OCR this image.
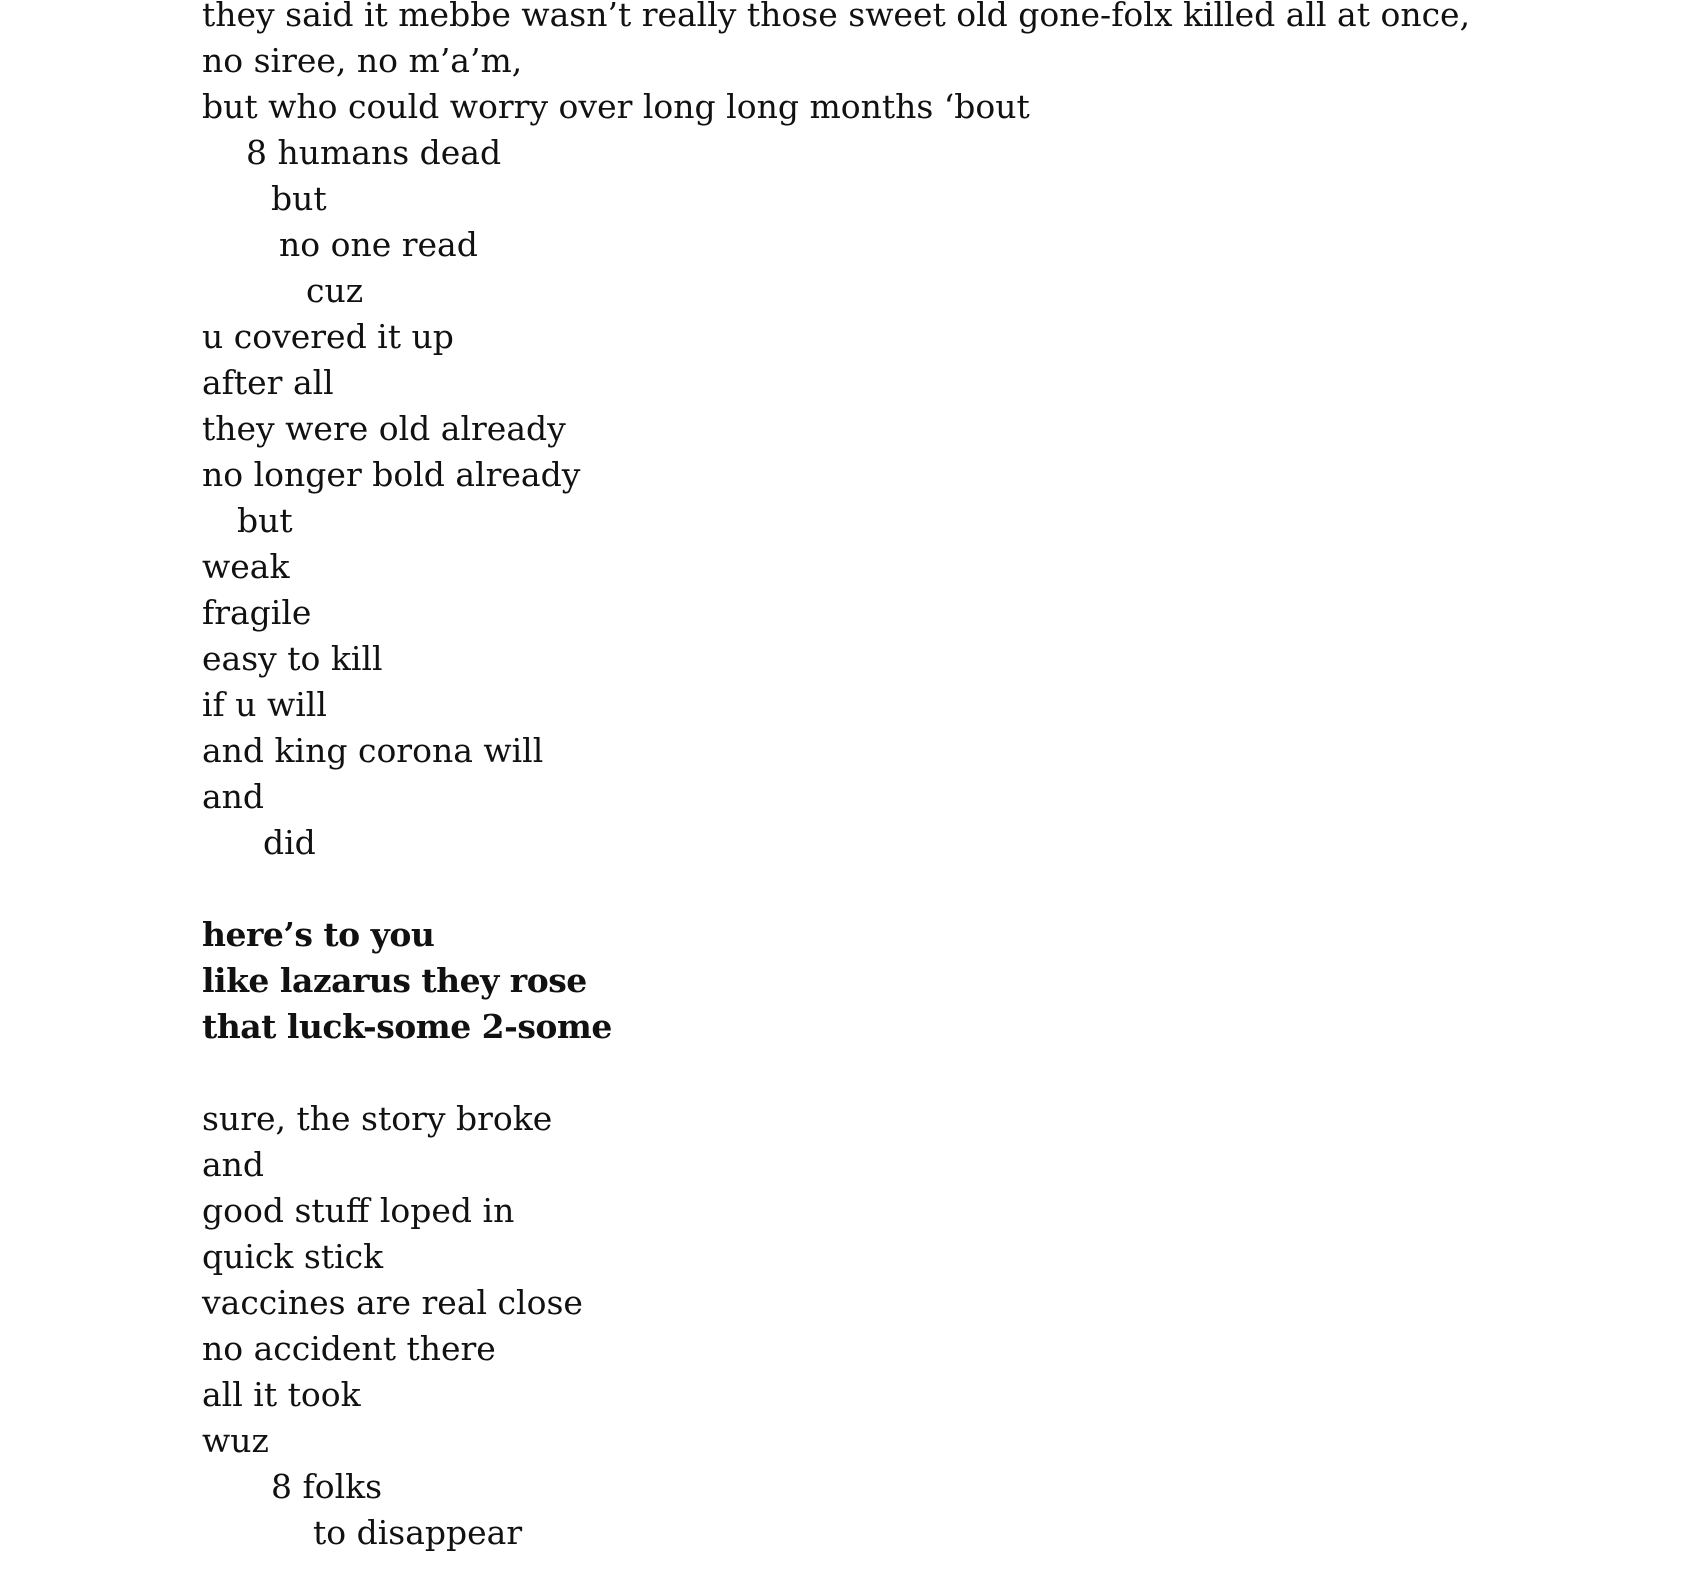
they said it mebbe wasn’t really those sweet old gone-folx killed all at once,
no siree, no m’a’m,
but who could worry over long long months ‘bout
8 humans dead
but
no one read
cuz
u covered it up
after all
they were old already
no longer bold already
but
weak
fragile
easy to kill
if u will
and king corona will
and
did
here’s to you
like lazarus they rose
that luck-some 2-some
sure, the story broke
and
good stuff loped in
quick stick
vaccines are real close
no accident there
all it took
wuz
8 folks
to disappear
